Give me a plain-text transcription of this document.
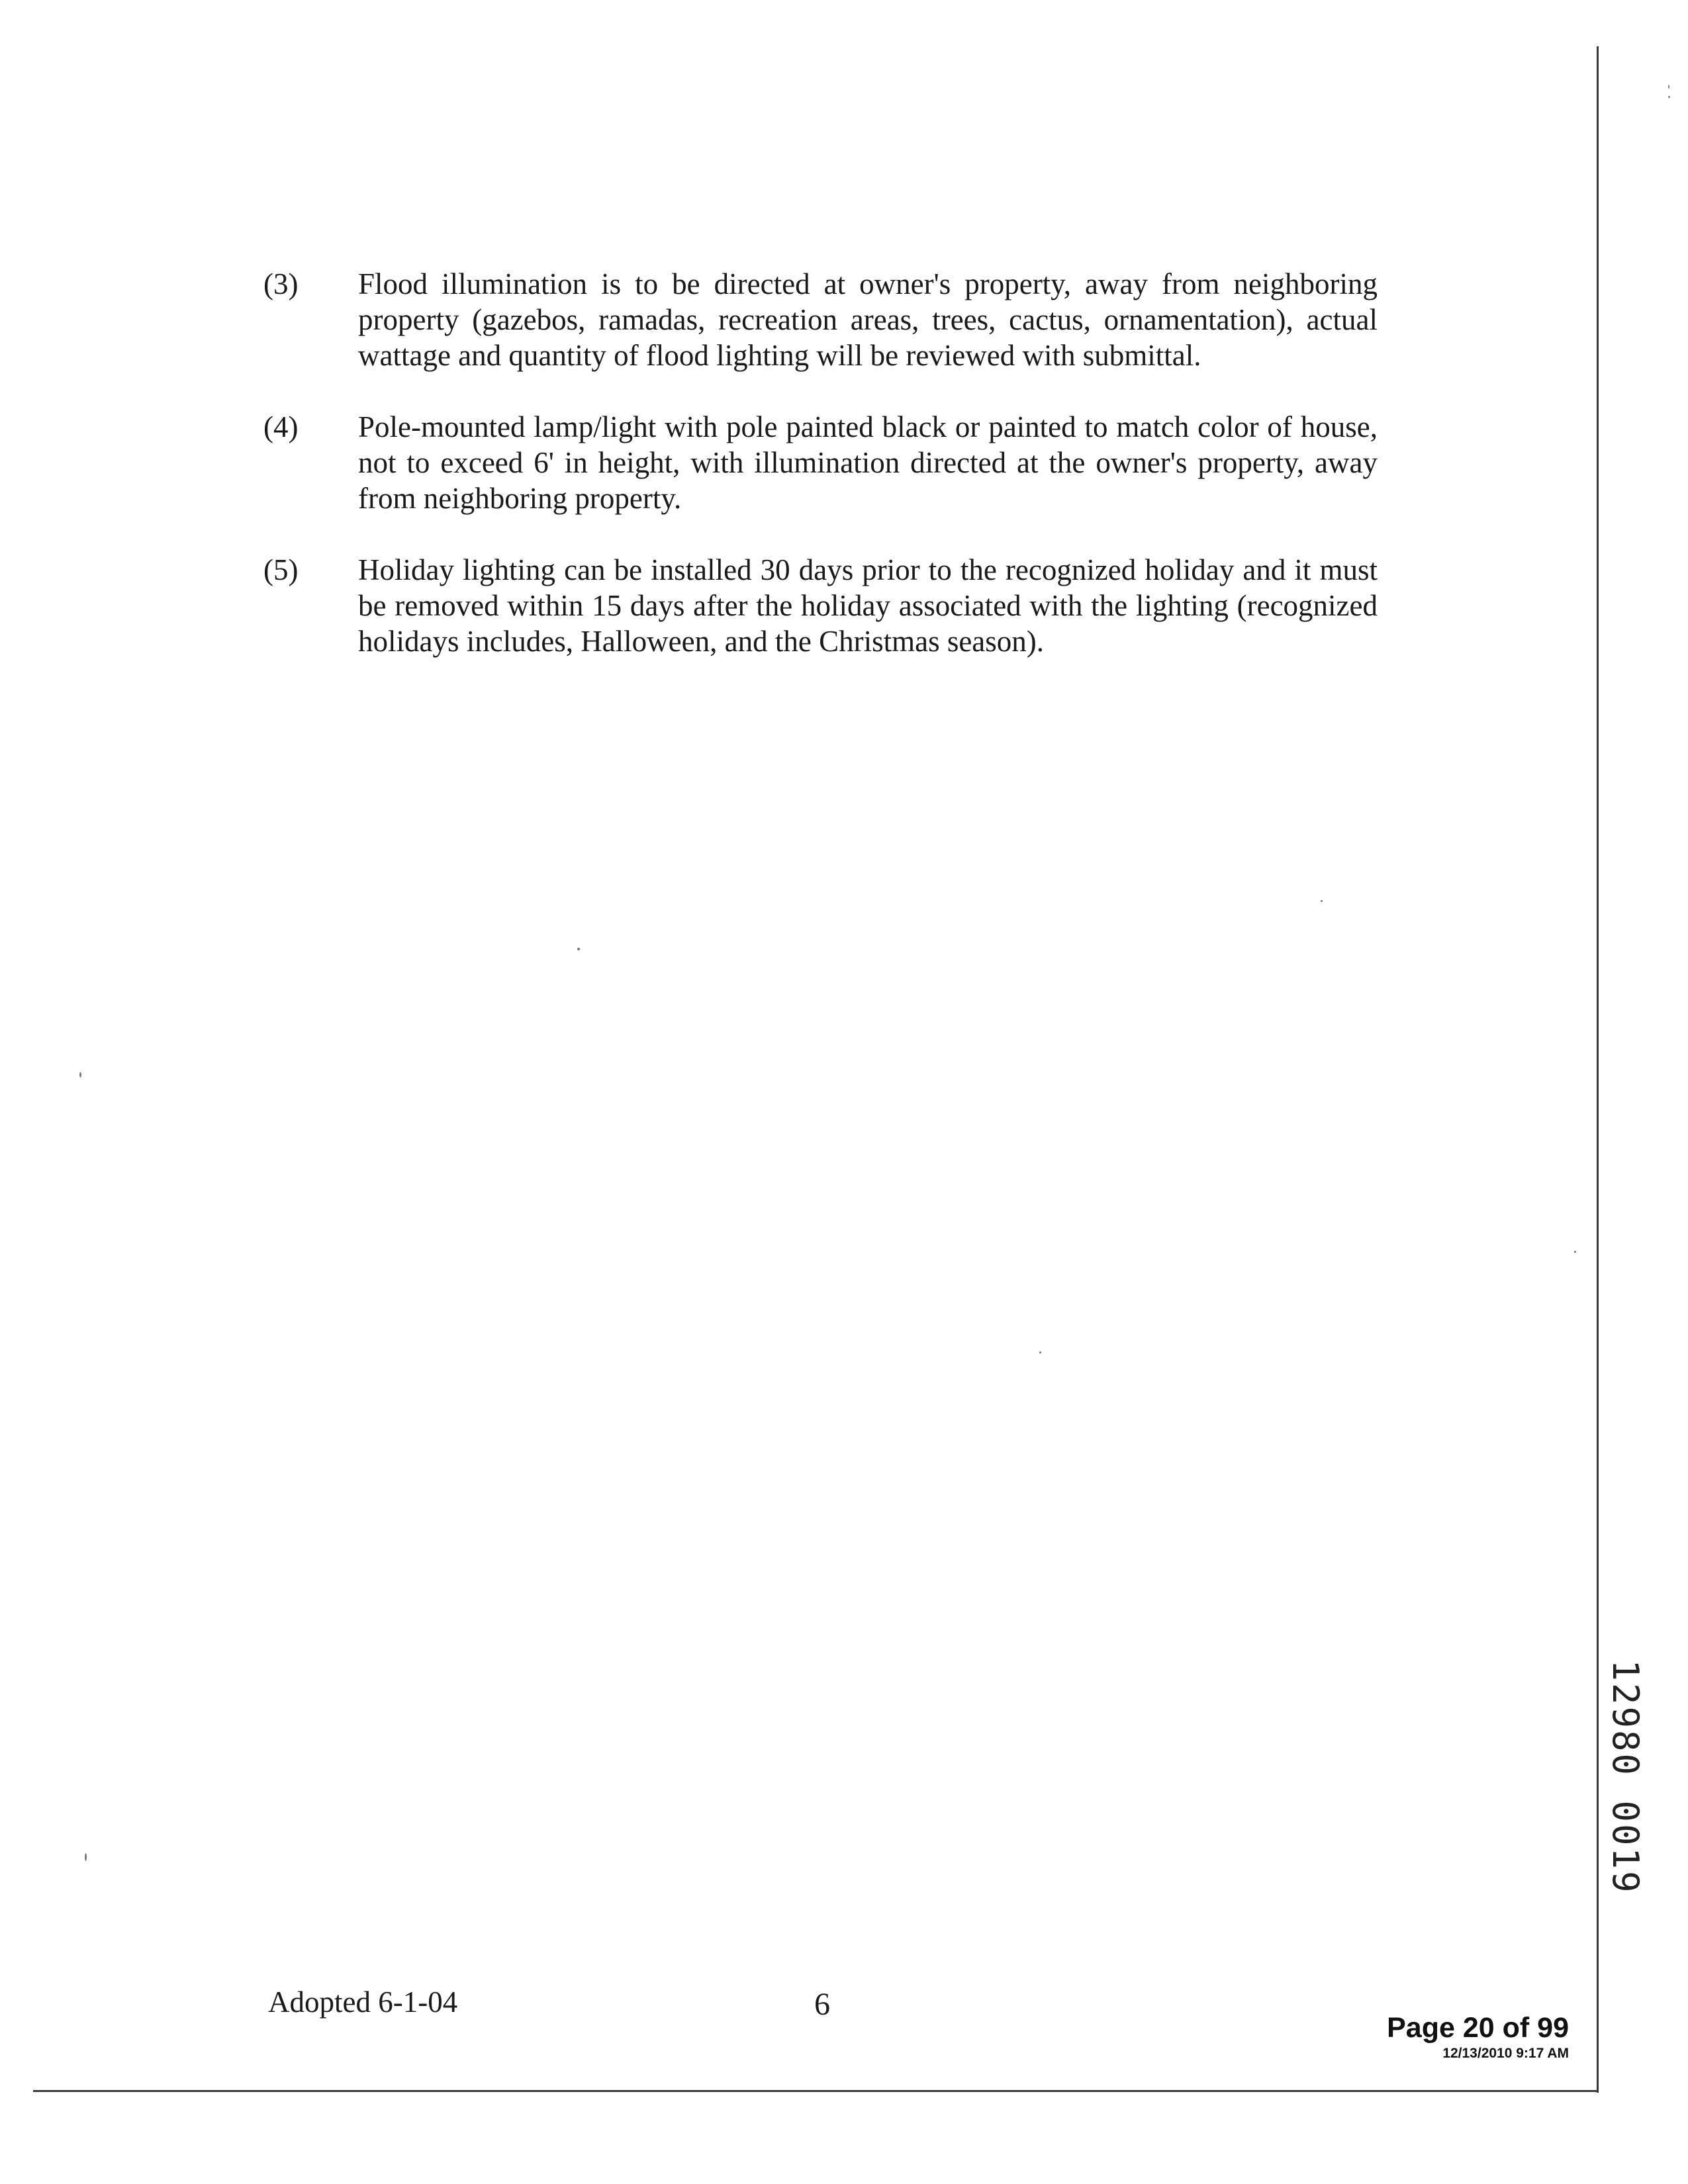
(3) Flood illumination is to be directed at owner's property, away from neighboring property (gazebos, ramadas, recreation areas, trees, cactus, ornamentation), actual wattage and quantity of flood lighting will be reviewed with submittal.
(4) Pole-mounted lamp/light with pole painted black or painted to match color of house, not to exceed 6' in height, with illumination directed at the owner's property, away from neighboring property.
(5) Holiday lighting can be installed 30 days prior to the recognized holiday and it must be removed within 15 days after the holiday associated with the lighting (recognized holidays includes, Halloween, and the Christmas season).
Adopted 6-1-04	6
Page 20 of 99
12/13/2010 9:17 AM
12980 0019
